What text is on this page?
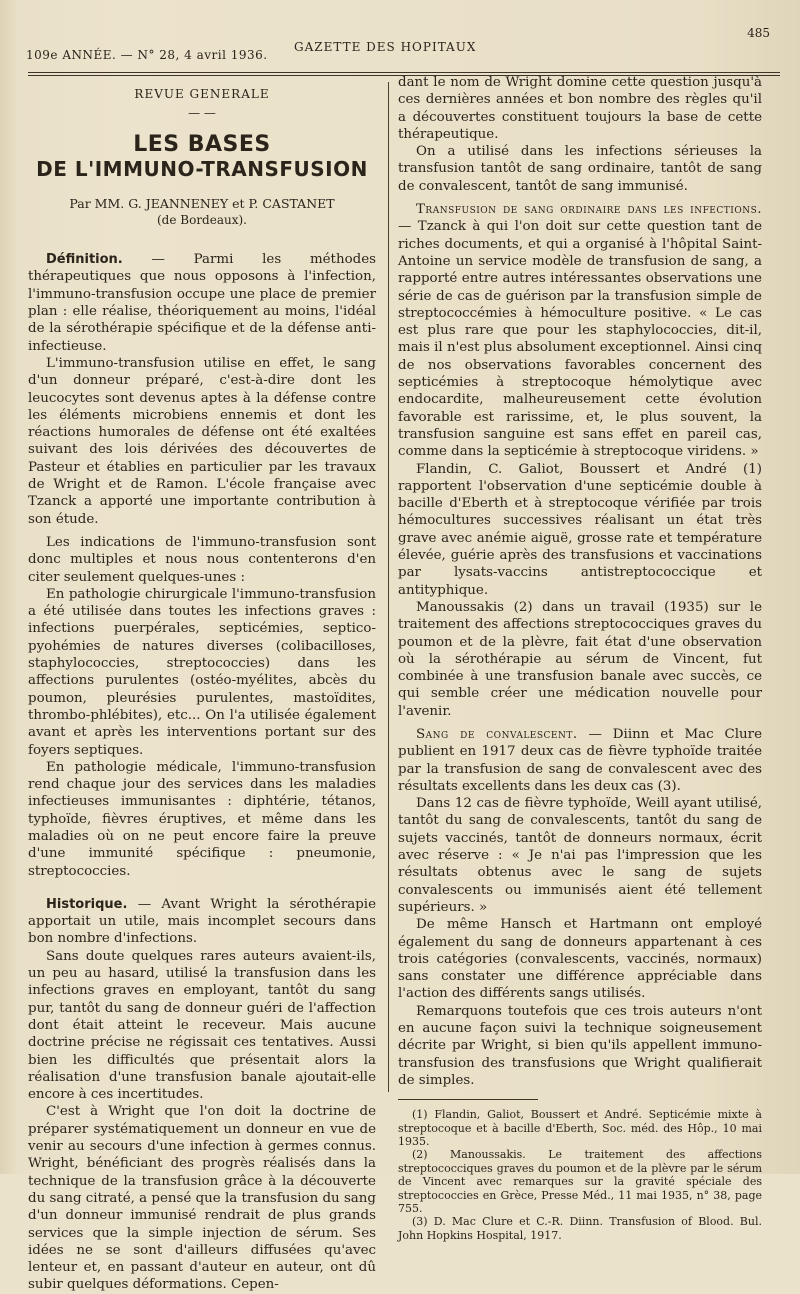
109e ANNÉE. — N° 28, 4 avril 1936.
GAZETTE DES HOPITAUX
485
REVUE GENERALE
— —
LES BASES
DE L'IMMUNO-TRANSFUSION
Par MM. G. JEANNENEY et P. CASTANET
(de Bordeaux).

Définition. — Parmi les méthodes thérapeutiques que nous opposons à l'infection, l'immuno-transfusion occupe une place de premier plan : elle réalise, théoriquement au moins, l'idéal de la sérothérapie spécifique et de la défense anti-infectieuse.

L'immuno-transfusion utilise en effet, le sang d'un donneur préparé, c'est-à-dire dont les leucocytes sont devenus aptes à la défense contre les éléments microbiens ennemis et dont les réactions humorales de défense ont été exaltées suivant des lois dérivées des découvertes de Pasteur et établies en particulier par les travaux de Wright et de Ramon. L'école française avec Tzanck a apporté une importante contribution à son étude.

Les indications de l'immuno-transfusion sont donc multiples et nous nous contenterons d'en citer seulement quelques-unes :

En pathologie chirurgicale l'immuno-transfusion a été utilisée dans toutes les infections graves : infections puerpérales, septicémies, septico-pyohémies de natures diverses (colibacilloses, staphylococcies, streptococcies) dans les affections purulentes (ostéo-myélites, abcès du poumon, pleurésies purulentes, mastoïdites, thrombo-phlébites), etc... On l'a utilisée également avant et après les interventions portant sur des foyers septiques.

En pathologie médicale, l'immuno-transfusion rend chaque jour des services dans les maladies infectieuses immunisantes : diphtérie, tétanos, typhoïde, fièvres éruptives, et même dans les maladies où on ne peut encore faire la preuve d'une immunité spécifique : pneumonie, streptococcies.

Historique. — Avant Wright la sérothérapie apportait un utile, mais incomplet secours dans bon nombre d'infections.

Sans doute quelques rares auteurs avaient-ils, un peu au hasard, utilisé la transfusion dans les infections graves en employant, tantôt du sang pur, tantôt du sang de donneur guéri de l'affection dont était atteint le receveur. Mais aucune doctrine précise ne régissait ces tentatives. Aussi bien les difficultés que présentait alors la réalisation d'une transfusion banale ajoutait-elle encore à ces incertitudes.

C'est à Wright que l'on doit la doctrine de préparer systématiquement un donneur en vue de venir au secours d'une infection à germes connus. Wright, bénéficiant des progrès réalisés dans la technique de la transfusion grâce à la découverte du sang citraté, a pensé que la transfusion du sang d'un donneur immunisé rendrait de plus grands services que la simple injection de sérum. Ses idées ne se sont d'ailleurs diffusées qu'avec lenteur et, en passant d'auteur en auteur, ont dû subir quelques déformations. Cepen-

dant le nom de Wright domine cette question jusqu'à ces dernières années et bon nombre des règles qu'il a découvertes constituent toujours la base de cette thérapeutique.

On a utilisé dans les infections sérieuses la transfusion tantôt de sang ordinaire, tantôt de sang de convalescent, tantôt de sang immunisé.

Transfusion de sang ordinaire dans les infections. — Tzanck à qui l'on doit sur cette question tant de riches documents, et qui a organisé à l'hôpital Saint-Antoine un service modèle de transfusion de sang, a rapporté entre autres intéressantes observations une série de cas de guérison par la transfusion simple de streptococcémies à hémoculture positive. « Le cas est plus rare que pour les staphylococcies, dit-il, mais il n'est plus absolument exceptionnel. Ainsi cinq de nos observations favorables concernent des septicémies à streptocoque hémolytique avec endocardite, malheureusement cette évolution favorable est rarissime, et, le plus souvent, la transfusion sanguine est sans effet en pareil cas, comme dans la septicémie à streptocoque viridens. »

Flandin, C. Galiot, Boussert et André (1) rapportent l'observation d'une septicémie double à bacille d'Eberth et à streptocoque vérifiée par trois hémocultures successives réalisant un état très grave avec anémie aiguë, grosse rate et température élevée, guérie après des transfusions et vaccinations par lysats-vaccins antistreptococcique et antityphique.

Manoussakis (2) dans un travail (1935) sur le traitement des affections streptococciques graves du poumon et de la plèvre, fait état d'une observation où la sérothérapie au sérum de Vincent, fut combinée à une transfusion banale avec succès, ce qui semble créer une médication nouvelle pour l'avenir.

Sang de convalescent. — Diinn et Mac Clure publient en 1917 deux cas de fièvre typhoïde traitée par la transfusion de sang de convalescent avec des résultats excellents dans les deux cas (3).

Dans 12 cas de fièvre typhoïde, Weill ayant utilisé, tantôt du sang de convalescents, tantôt du sang de sujets vaccinés, tantôt de donneurs normaux, écrit avec réserve : « Je n'ai pas l'impression que les résultats obtenus avec le sang de sujets convalescents ou immunisés aient été tellement supérieurs. »

De même Hansch et Hartmann ont employé également du sang de donneurs appartenant à ces trois catégories (convalescents, vaccinés, normaux) sans constater une différence appréciable dans l'action des différents sangs utilisés.

Remarquons toutefois que ces trois auteurs n'ont en aucune façon suivi la technique soigneusement décrite par Wright, si bien qu'ils appellent immuno-transfusion des transfusions que Wright qualifierait de simples.

(1) Flandin, Galiot, Boussert et André. Septicémie mixte à streptocoque et à bacille d'Eberth, Soc. méd. des Hôp., 10 mai 1935.

(2) Manoussakis. Le traitement des affections streptococciques graves du poumon et de la plèvre par le sérum de Vincent avec remarques sur la gravité spéciale des streptococcies en Grèce, Presse Méd., 11 mai 1935, n° 38, page 755.

(3) D. Mac Clure et C.-R. Diinn. Transfusion of Blood. Bul. John Hopkins Hospital, 1917.
